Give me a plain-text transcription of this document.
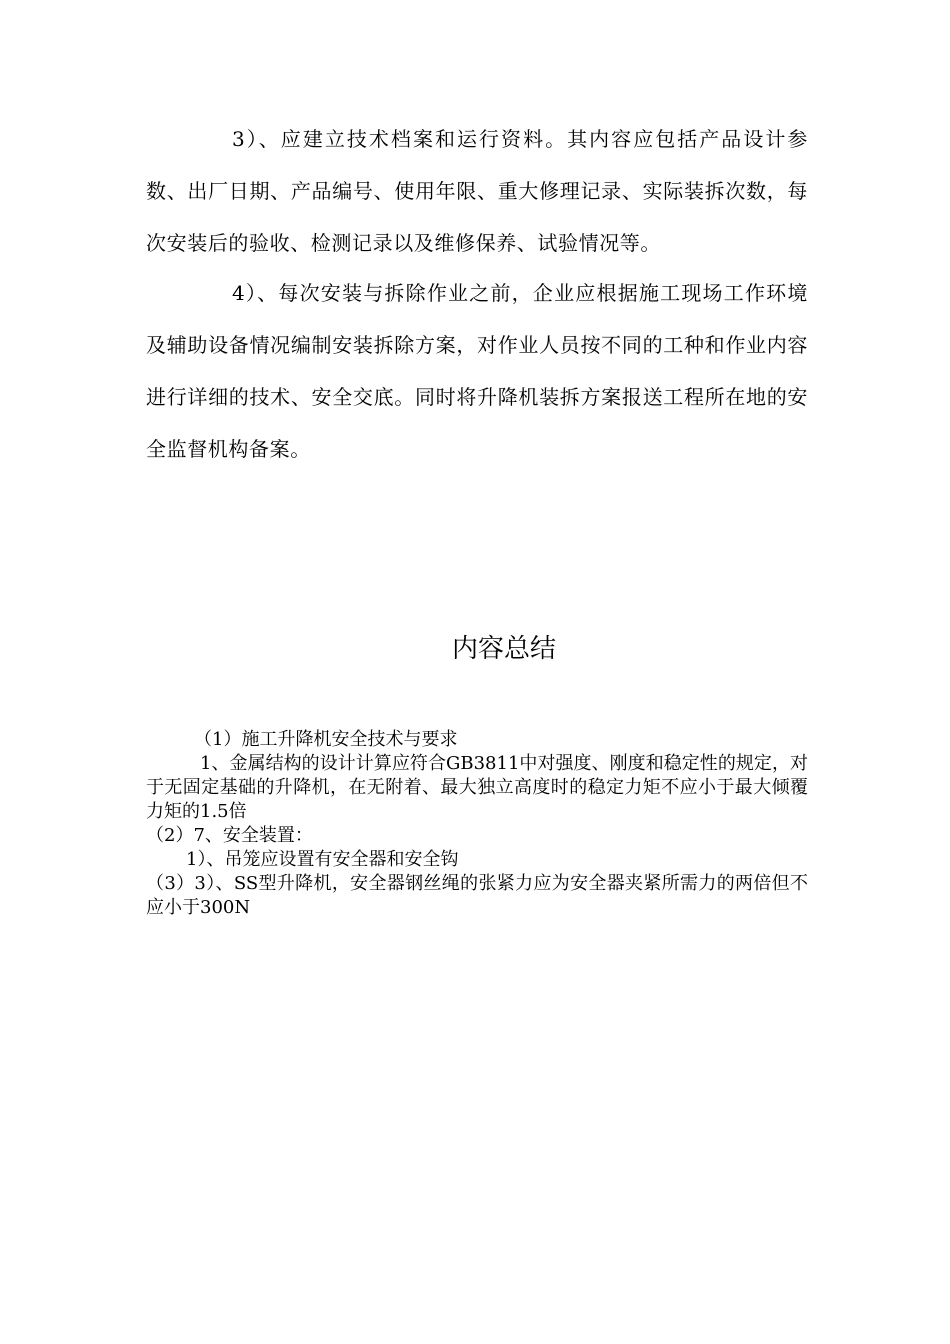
3）、应建立技术档案和运行资料。其内容应包括产品设计参数、出厂日期、产品编号、使用年限、重大修理记录、实际装拆次数，每次安装后的验收、检测记录以及维修保养、试验情况等。

4）、每次安装与拆除作业之前，企业应根据施工现场工作环境及辅助设备情况编制安装拆除方案，对作业人员按不同的工种和作业内容进行详细的技术、安全交底。同时将升降机装拆方案报送工程所在地的安全监督机构备案。

内容总结

（1）施工升降机安全技术与要求

1、金属结构的设计计算应符合GB3811中对强度、刚度和稳定性的规定，对于无固定基础的升降机，在无附着、最大独立高度时的稳定力矩不应小于最大倾覆力矩的1.5倍

（2）7、安全装置：

1）、吊笼应设置有安全器和安全钩

（3）3）、SS型升降机，安全器钢丝绳的张紧力应为安全器夹紧所需力的两倍但不应小于300N
